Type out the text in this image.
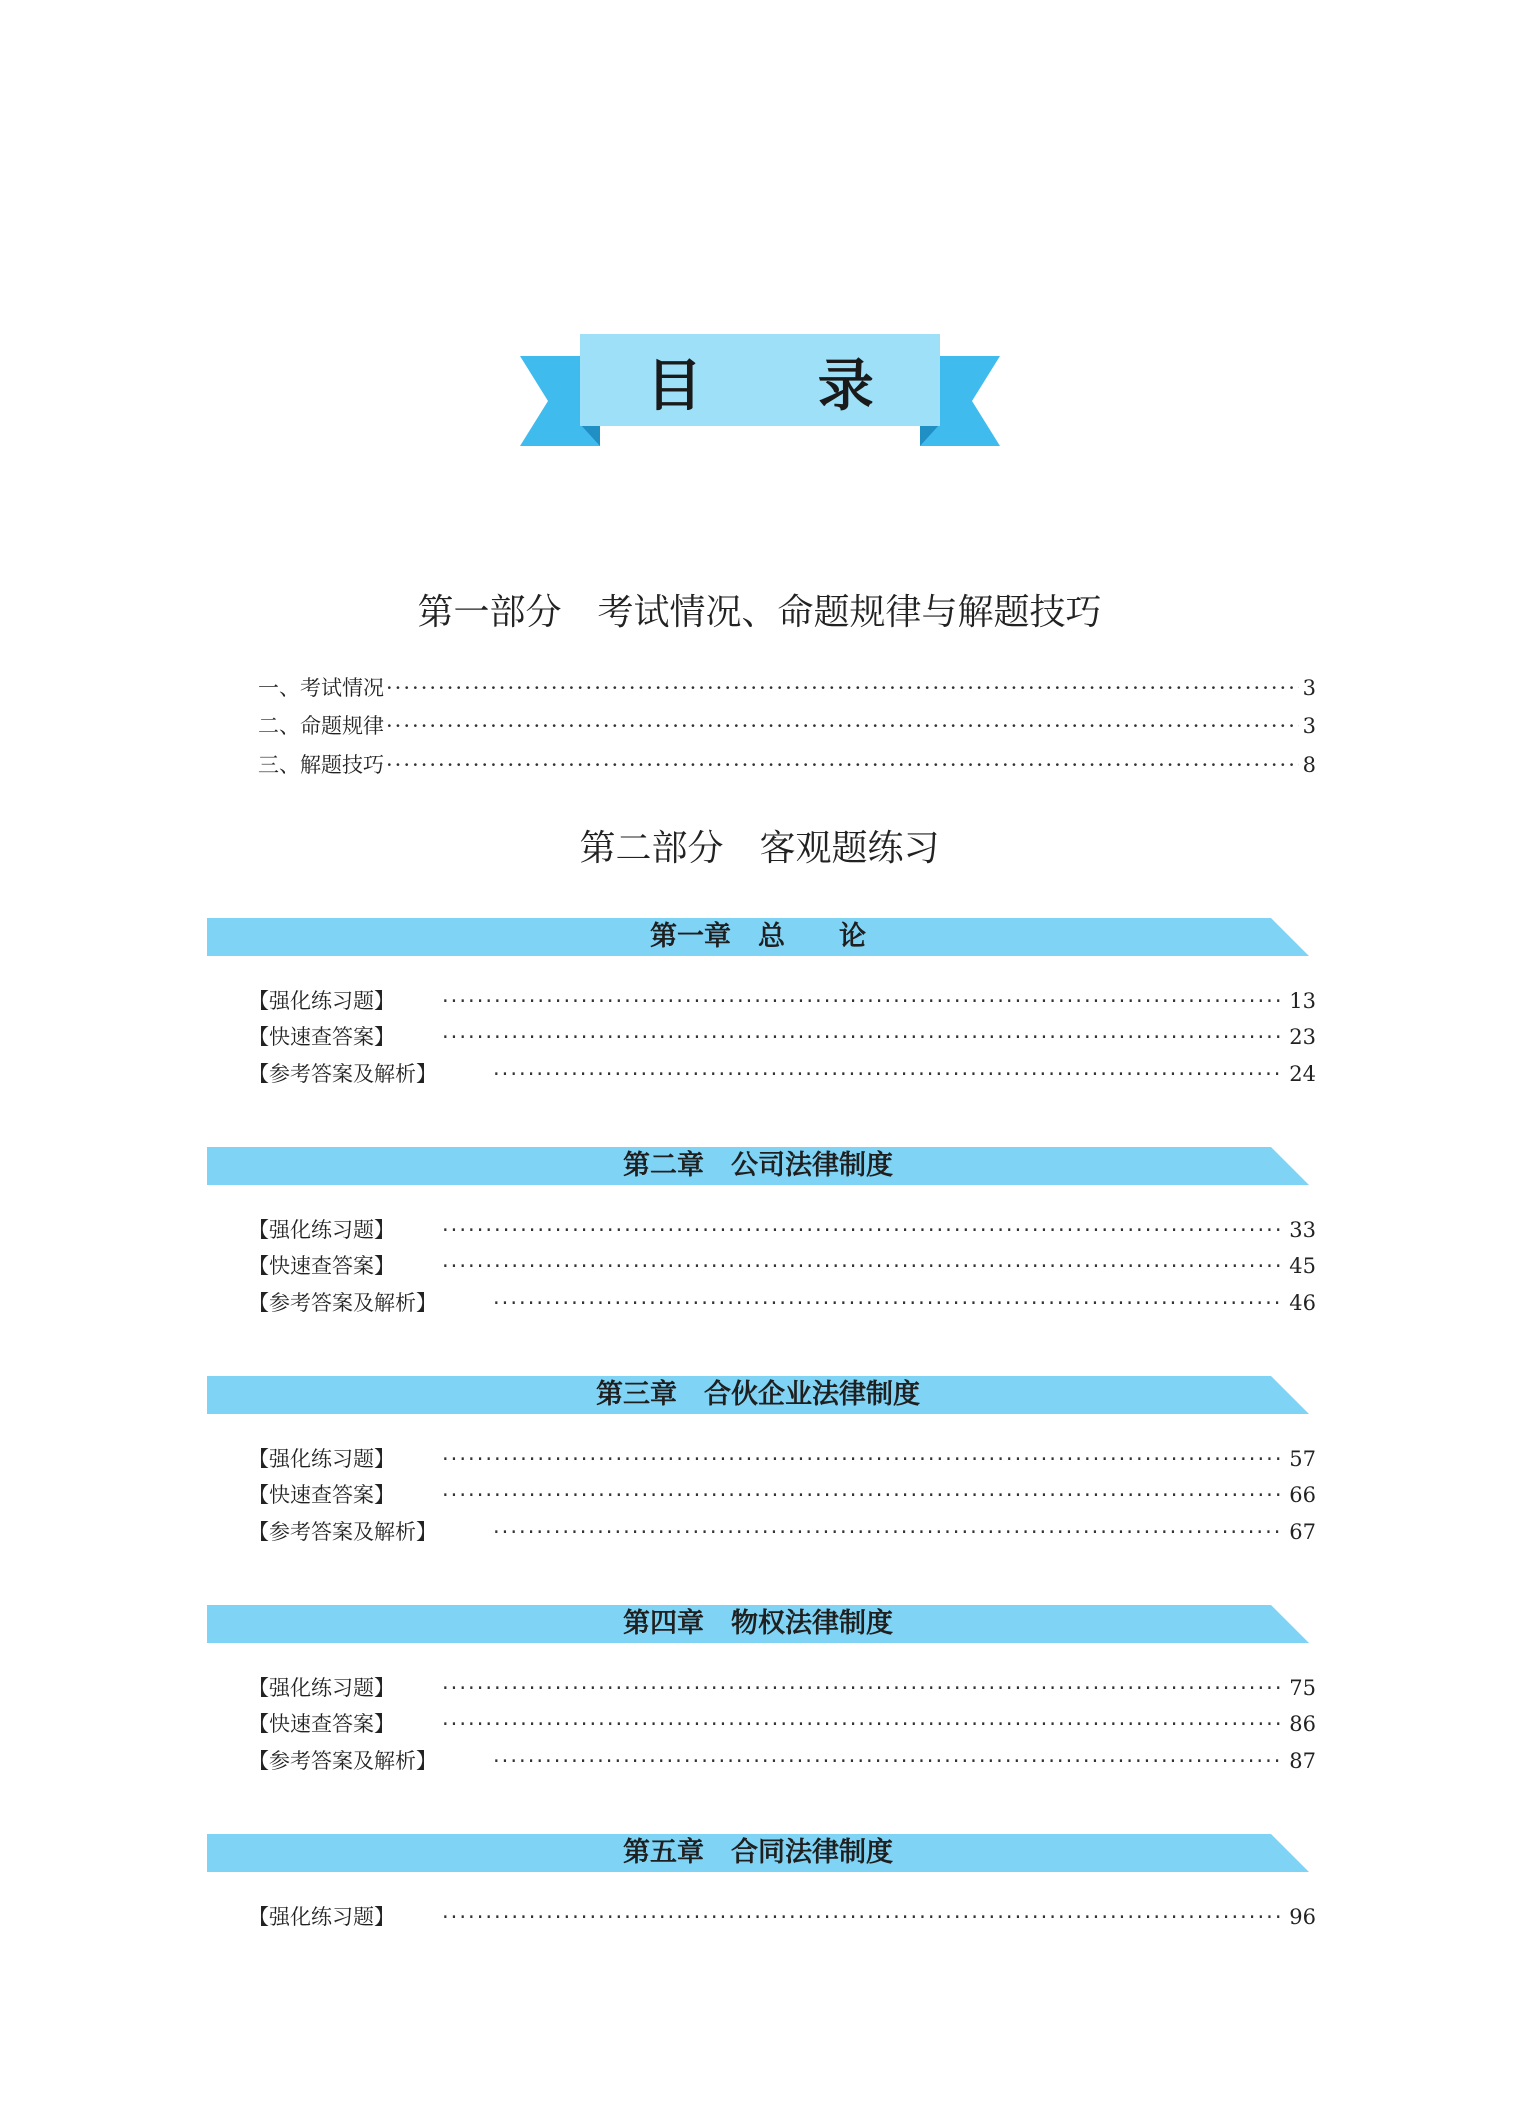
目 录
第一部分　考试情况、命题规律与解题技巧
一、考试情况 ·····	3
二、命题规律 ·····	3
三、解题技巧 ·····	8
第二部分　客观题练习
第一章　总　　论
【强化练习题】 ·····	13
【快速查答案】 ·····	23
【参考答案及解析】 ·····	24
第二章　公司法律制度
【强化练习题】 ·····	33
【快速查答案】 ·····	45
【参考答案及解析】 ·····	46
第三章　合伙企业法律制度
【强化练习题】 ·····	57
【快速查答案】 ·····	66
【参考答案及解析】 ·····	67
第四章　物权法律制度
【强化练习题】 ·····	75
【快速查答案】 ·····	86
【参考答案及解析】 ·····	87
第五章　合同法律制度
【强化练习题】 ·····	96
